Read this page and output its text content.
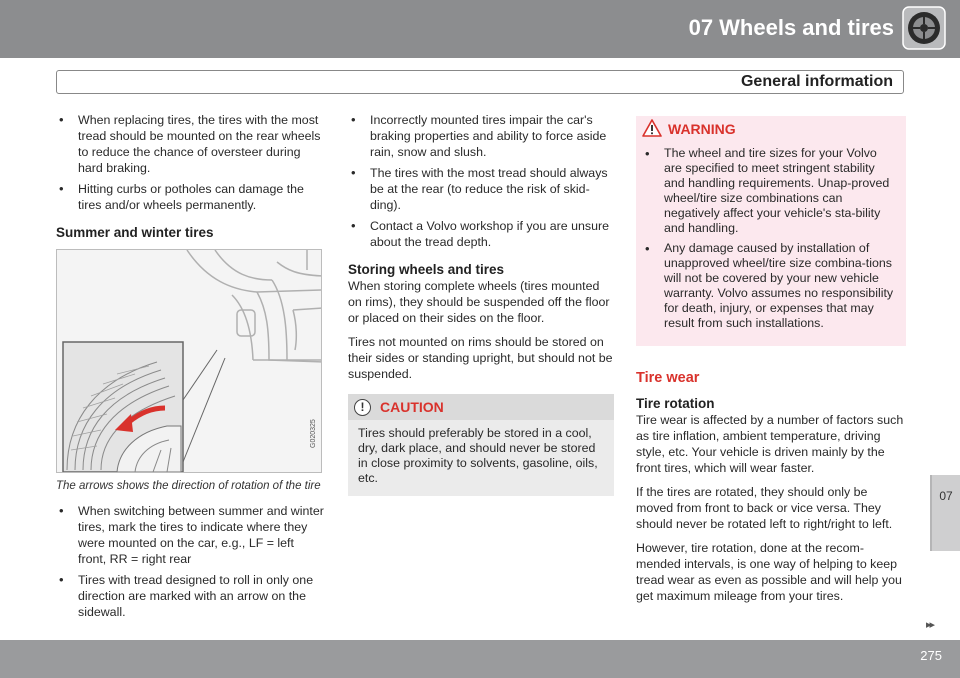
07 Wheels and tires
General information
• When replacing tires, the tires with the most tread should be mounted on the rear wheels to reduce the chance of oversteer during hard braking.
• Hitting curbs or potholes can damage the tires and/or wheels permanently.
Summer and winter tires
G020325

The arrows shows the direction of rotation of the tire

• When switching between summer and winter tires, mark the tires to indicate where they were mounted on the car, e.g., LF = left front, RR = right rear
• Tires with tread designed to roll in only one direction are marked with an arrow on the sidewall.
• Incorrectly mounted tires impair the car's braking properties and ability to force aside rain, snow and slush.
• The tires with the most tread should always be at the rear (to reduce the risk of skid-ding).
• Contact a Volvo workshop if you are unsure about the tread depth.
Storing wheels and tires

When storing complete wheels (tires mounted on rims), they should be suspended off the floor or placed on their sides on the floor.

Tires not mounted on rims should be stored on their sides or standing upright, but should not be suspended.

!	CAUTION
Tires should preferably be stored in a cool, dry, dark place, and should never be stored in close proximity to solvents, gasoline, oils, etc.
WARNING
• The wheel and tire sizes for your Volvo are specified to meet stringent stability and handling requirements. Unap-proved wheel/tire size combinations can negatively affect your vehicle's sta-bility and handling.
• Any damage caused by installation of unapproved wheel/tire size combina-tions will not be covered by your new vehicle warranty. Volvo assumes no responsibility for death, injury, or expenses that may result from such installations.
Tire wear
Tire rotation

Tire wear is affected by a number of factors such as tire inflation, ambient temperature, driving style, etc. Your vehicle is driven mainly by the front tires, which will wear faster.

If the tires are rotated, they should only be moved from front to back or vice versa. They should never be rotated left to right/right to left.

However, tire rotation, done at the recom-mended intervals, is one way of helping to keep tread wear as even as possible and will help you get maximum mileage from your tires.

07
▸▸
275
